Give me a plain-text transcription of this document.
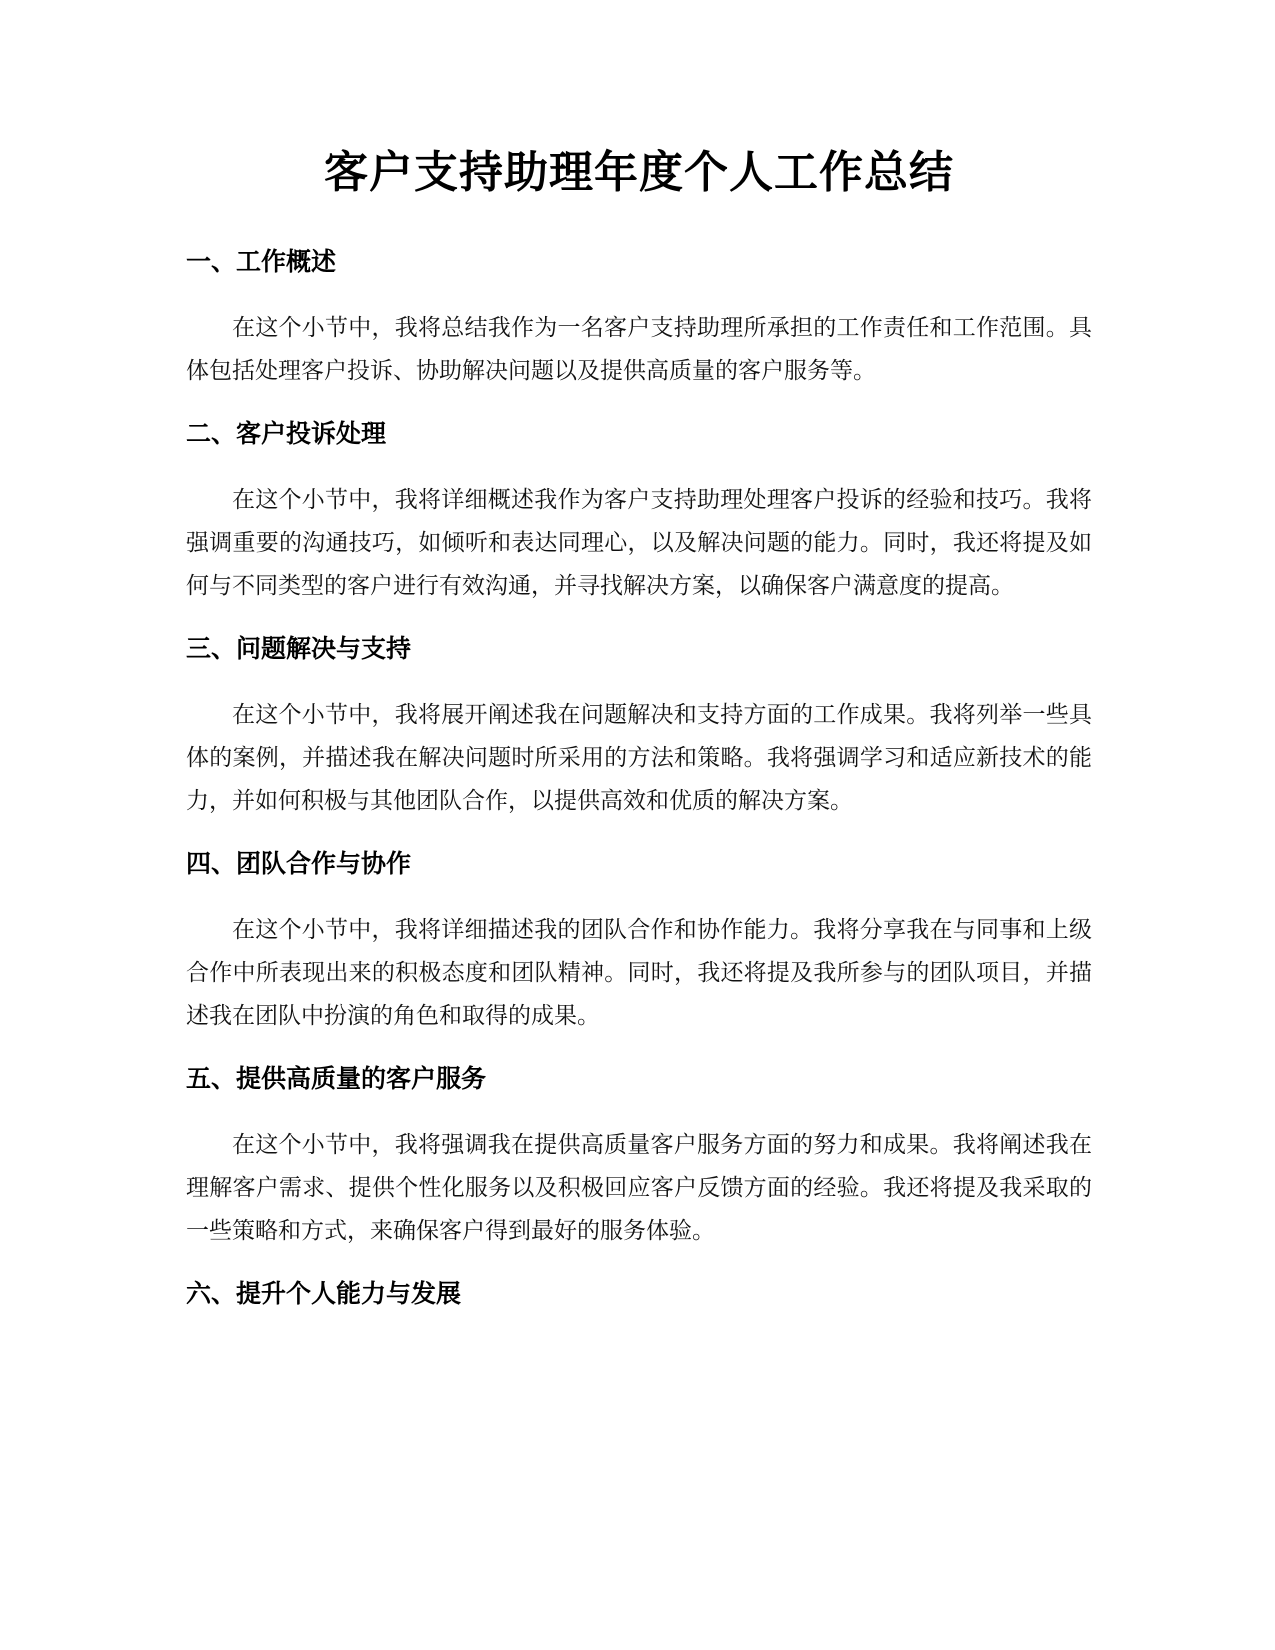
客户支持助理年度个人工作总结
一、工作概述

在这个小节中，我将总结我作为一名客户支持助理所承担的工作责任和工作范围。具体包括处理客户投诉、协助解决问题以及提供高质量的客户服务等。

二、客户投诉处理

在这个小节中，我将详细概述我作为客户支持助理处理客户投诉的经验和技巧。我将强调重要的沟通技巧，如倾听和表达同理心，以及解决问题的能力。同时，我还将提及如何与不同类型的客户进行有效沟通，并寻找解决方案，以确保客户满意度的提高。

三、问题解决与支持

在这个小节中，我将展开阐述我在问题解决和支持方面的工作成果。我将列举一些具体的案例，并描述我在解决问题时所采用的方法和策略。我将强调学习和适应新技术的能力，并如何积极与其他团队合作，以提供高效和优质的解决方案。

四、团队合作与协作

在这个小节中，我将详细描述我的团队合作和协作能力。我将分享我在与同事和上级合作中所表现出来的积极态度和团队精神。同时，我还将提及我所参与的团队项目，并描述我在团队中扮演的角色和取得的成果。

五、提供高质量的客户服务

在这个小节中，我将强调我在提供高质量客户服务方面的努力和成果。我将阐述我在理解客户需求、提供个性化服务以及积极回应客户反馈方面的经验。我还将提及我采取的一些策略和方式，来确保客户得到最好的服务体验。

六、提升个人能力与发展
